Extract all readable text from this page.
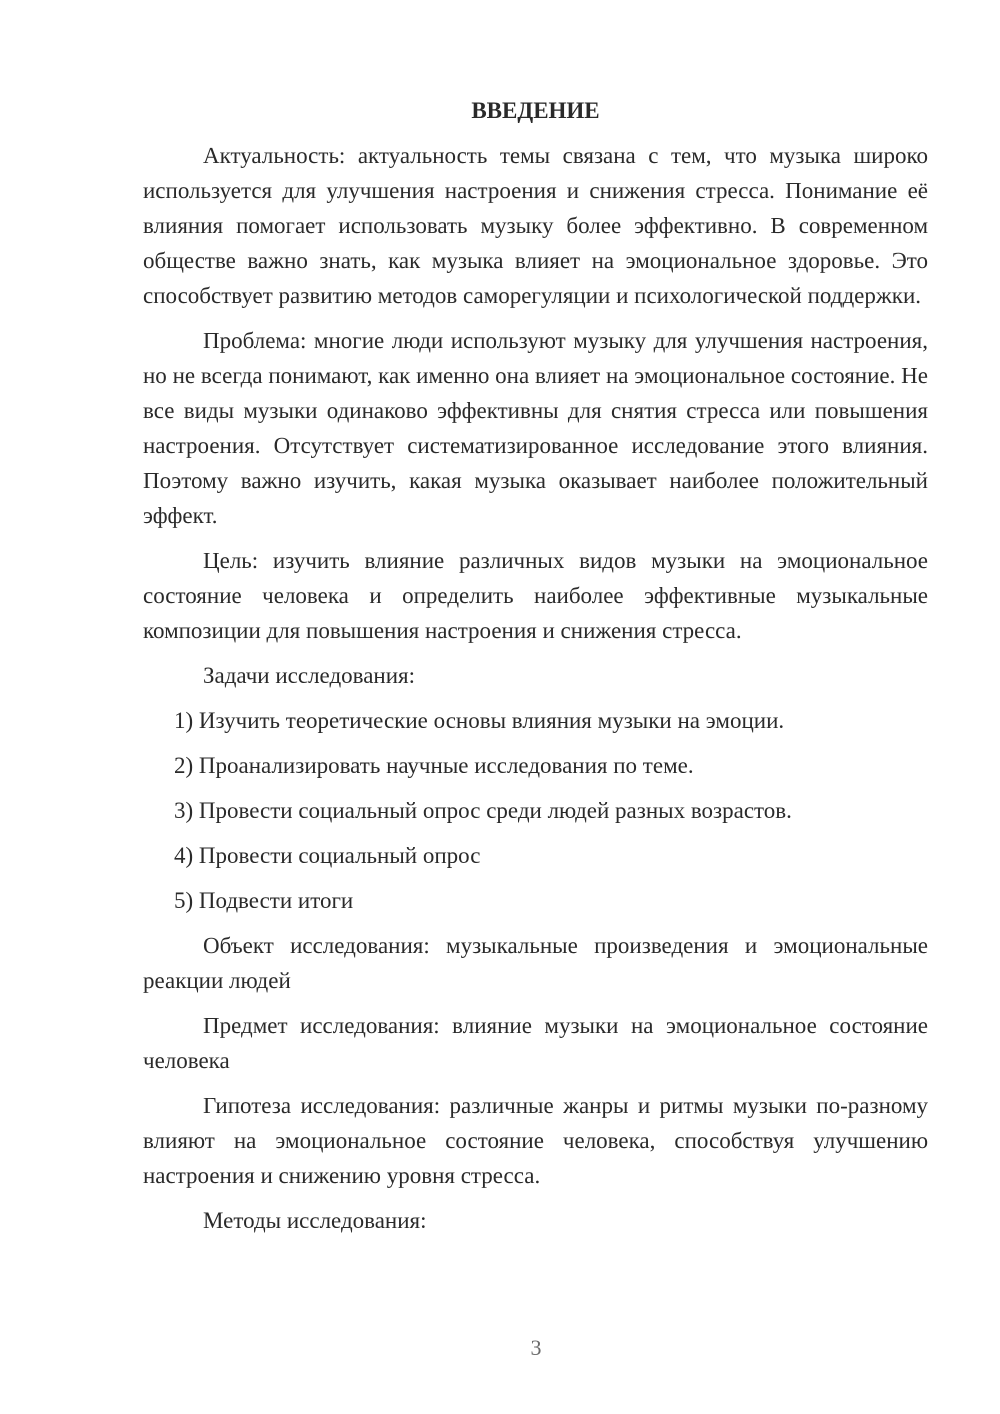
ВВЕДЕНИЕ

Актуальность: актуальность темы связана с тем, что музыка широко используется для улучшения настроения и снижения стресса. Понимание её влияния помогает использовать музыку более эффективно. В современном обществе важно знать, как музыка влияет на эмоциональное здоровье. Это способствует развитию методов саморегуляции и психологической поддержки.

Проблема: многие люди используют музыку для улучшения настроения, но не всегда понимают, как именно она влияет на эмоциональное состояние. Не все виды музыки одинаково эффективны для снятия стресса или повышения настроения. Отсутствует систематизированное исследование этого влияния. Поэтому важно изучить, какая музыка оказывает наиболее положительный эффект.

Цель: изучить влияние различных видов музыки на эмоциональное состояние человека и определить наиболее эффективные музыкальные композиции для повышения настроения и снижения стресса.

Задачи исследования:

1) Изучить теоретические основы влияния музыки на эмоции.

2) Проанализировать научные исследования по теме.

3) Провести социальный опрос среди людей разных возрастов.

4) Провести социальный опрос

5) Подвести итоги

Объект исследования: музыкальные произведения и эмоциональные реакции людей

Предмет исследования: влияние музыки на эмоциональное состояние человека

Гипотеза исследования: различные жанры и ритмы музыки по-разному влияют на эмоциональное состояние человека, способствуя улучшению настроения и снижению уровня стресса.

Методы исследования:

3
